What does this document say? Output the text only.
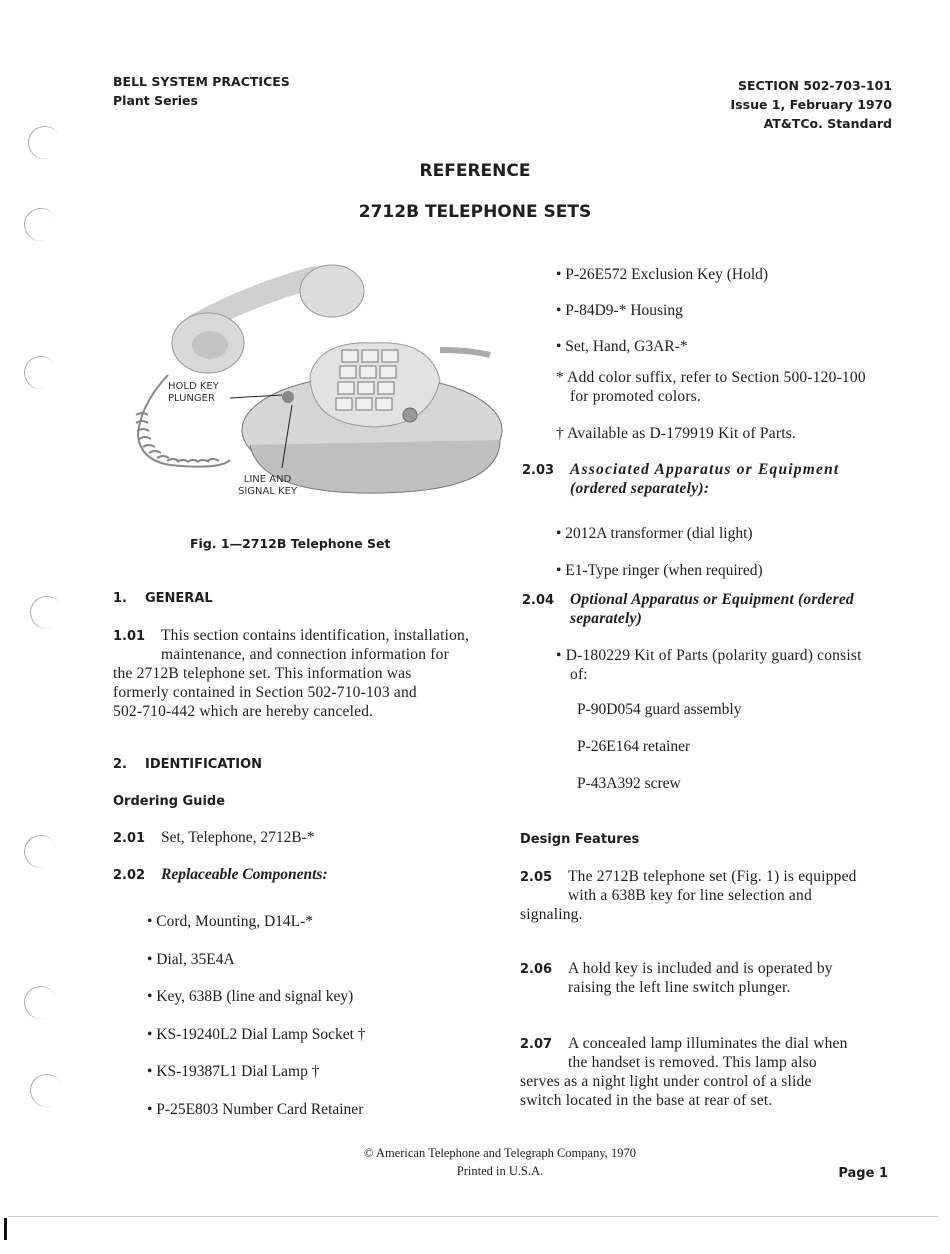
BELL SYSTEM PRACTICES
Plant Series
SECTION 502-703-101
Issue 1, February 1970
AT&TCo. Standard
REFERENCE
2712B TELEPHONE SETS
HOLD KEY
PLUNGER
LINE AND
SIGNAL KEY
Fig. 1—2712B Telephone Set
1. GENERAL
1.01	This section contains identification, installation,
maintenance, and connection information for
the 2712B telephone set. This information was
formerly contained in Section 502-710-103 and
502-710-442 which are hereby canceled.
2. IDENTIFICATION
Ordering Guide
2.01 Set, Telephone, 2712B-*
2.02 Replaceable Components:
• Cord, Mounting, D14L-*
• Dial, 35E4A
• Key, 638B (line and signal key)
• KS-19240L2 Dial Lamp Socket †
• KS-19387L1 Dial Lamp †
• P-25E803 Number Card Retainer
• P-26E572 Exclusion Key (Hold)
• P-84D9-* Housing
• Set, Hand, G3AR-*
* Add color suffix, refer to Section 500-120-100
for promoted colors.
† Available as D-179919 Kit of Parts.
2.03 Associated Apparatus or Equipment
(ordered separately):
• 2012A transformer (dial light)
• E1-Type ringer (when required)
2.04 Optional Apparatus or Equipment (ordered
separately)
• D-180229 Kit of Parts (polarity guard) consist
of:
P-90D054 guard assembly
P-26E164 retainer
P-43A392 screw
Design Features
2.05	The 2712B telephone set (Fig. 1) is equipped
with a 638B key for line selection and
signaling.
2.06 A hold key is included and is operated by
raising the left line switch plunger.
2.07	A concealed lamp illuminates the dial when
the handset is removed. This lamp also
serves as a night light under control of a slide
switch located in the base at rear of set.
© American Telephone and Telegraph Company, 1970
Printed in U.S.A.	Page 1
